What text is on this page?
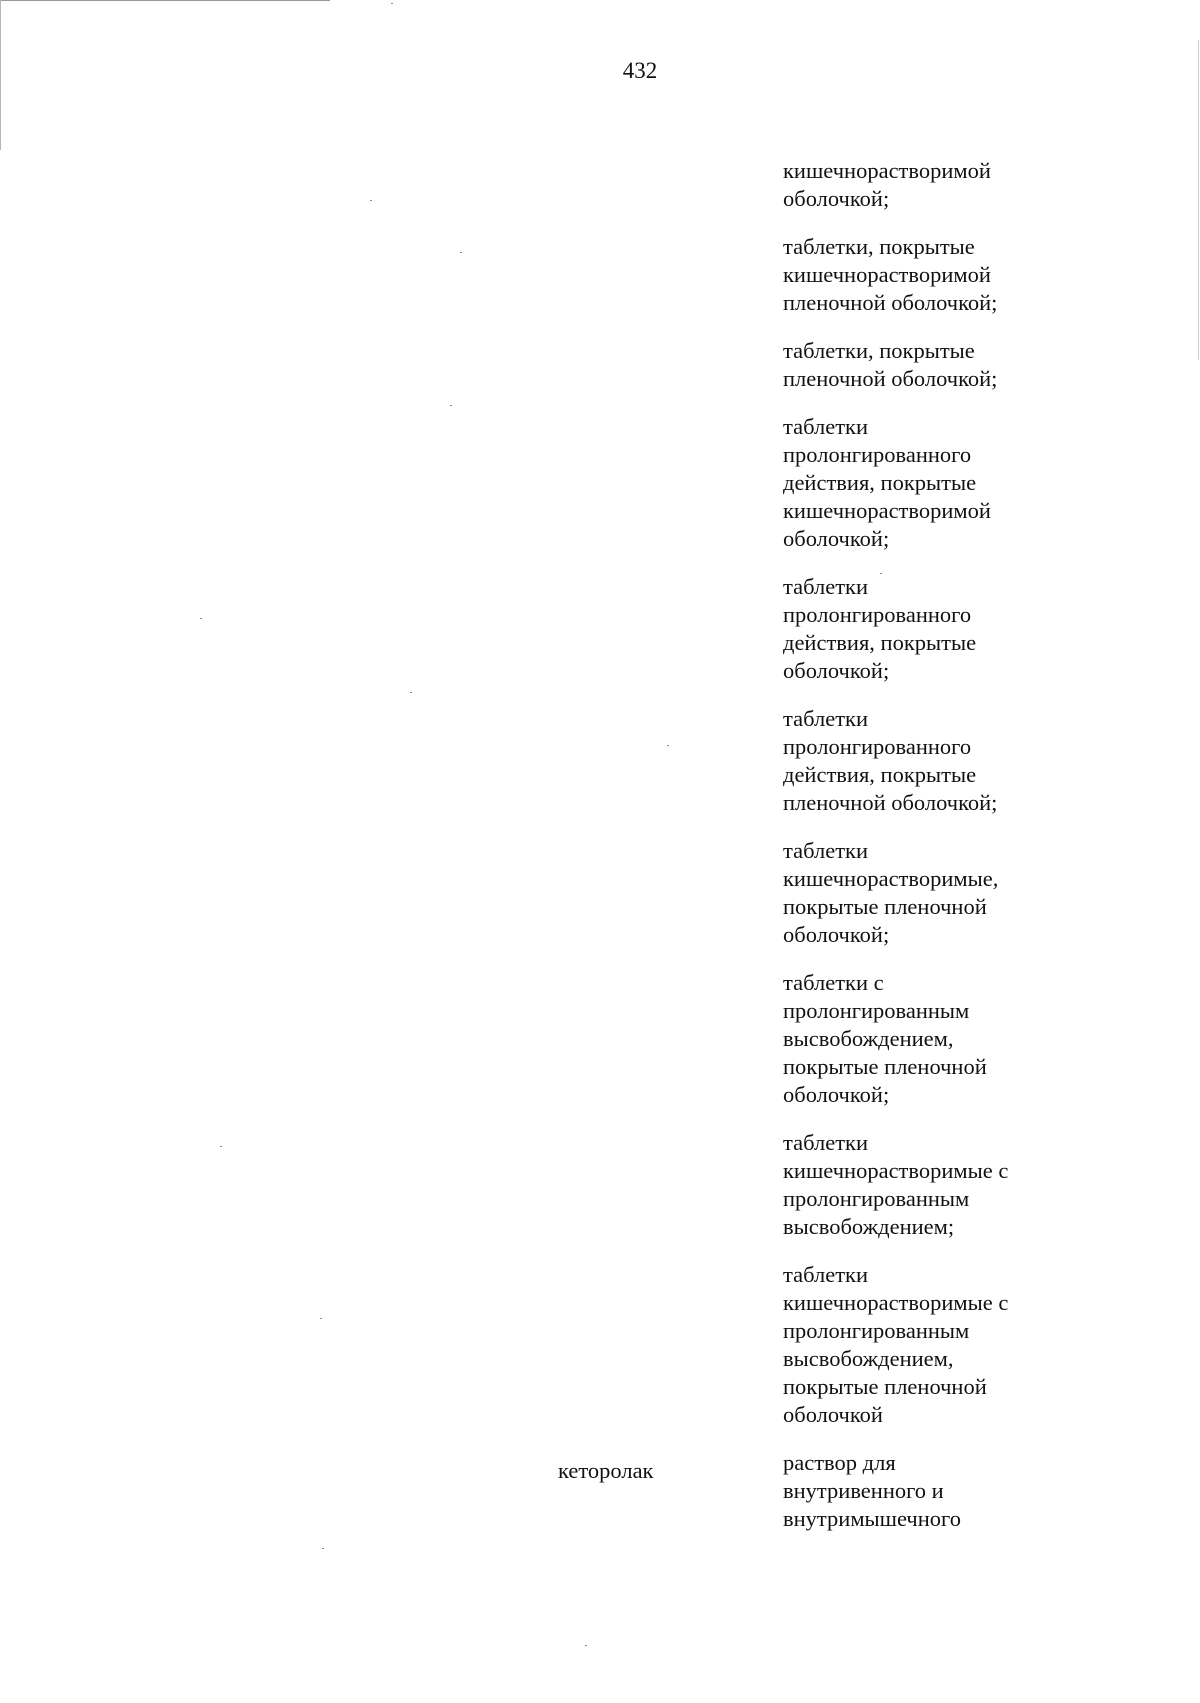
432
кишечнорастворимой
оболочкой;
таблетки, покрытые
кишечнорастворимой
пленочной оболочкой;
таблетки, покрытые
пленочной оболочкой;
таблетки
пролонгированного
действия, покрытые
кишечнорастворимой
оболочкой;
таблетки
пролонгированного
действия, покрытые
оболочкой;
таблетки
пролонгированного
действия, покрытые
пленочной оболочкой;
таблетки
кишечнорастворимые,
покрытые пленочной
оболочкой;
таблетки с
пролонгированным
высвобождением,
покрытые пленочной
оболочкой;
таблетки
кишечнорастворимые с
пролонгированным
высвобождением;
таблетки
кишечнорастворимые с
пролонгированным
высвобождением,
покрытые пленочной
оболочкой
раствор для
внутривенного и
внутримышечного
кеторолак
